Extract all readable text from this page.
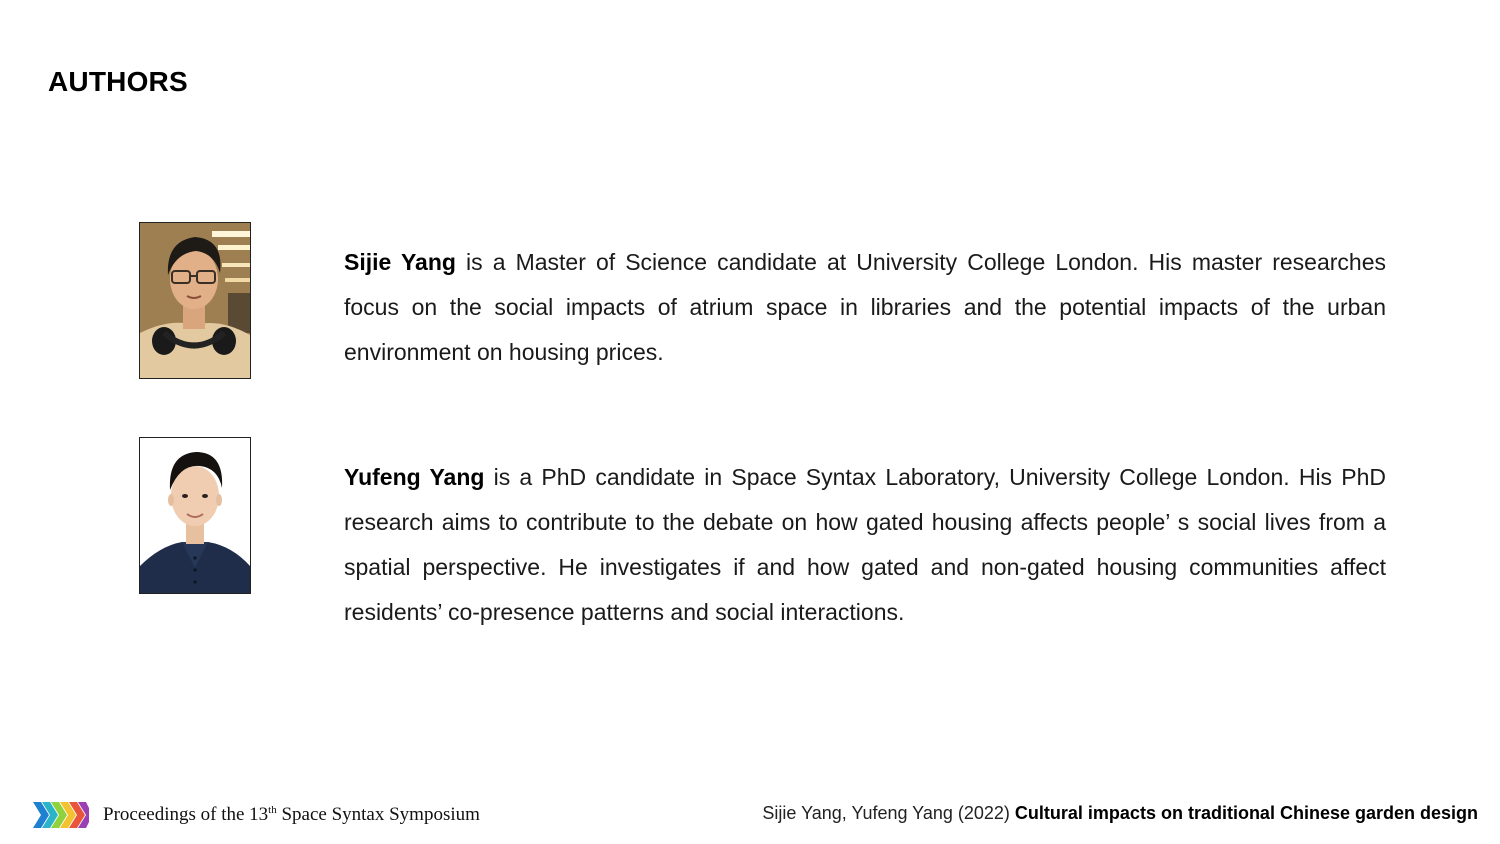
AUTHORS

Sijie Yang is a Master of Science candidate at University College London. His master researches focus on the social impacts of atrium space in libraries and the potential impacts of the urban environment on housing prices.

Yufeng Yang is a PhD candidate in Space Syntax Laboratory, University College London. His PhD research aims to contribute to the debate on how gated housing affects people’ s social lives from a spatial perspective. He investigates if and how gated and non-gated housing communities affect residents’ co-presence patterns and social interactions.

Proceedings of the 13th Space Syntax Symposium	Sijie Yang, Yufeng Yang (2022) Cultural impacts on traditional Chinese garden design
